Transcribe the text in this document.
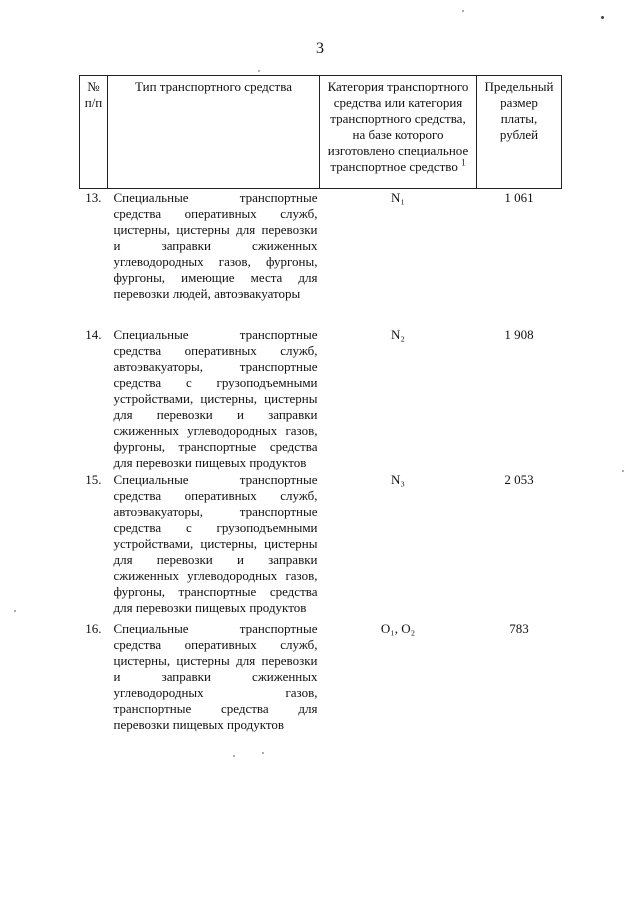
3
№ п/п	Тип транспортного средства	Категория транспортного средства или категория транспортного средства, на базе которого изготовлено специальное транспортное средство $^1$	Предельный размер платы, рублей
13.	Специальные транспортные средства оперативных служб, цистерны, цистерны для перевозки и заправки сжиженных углеводородных газов, фургоны, фургоны, имеющие места для перевозки людей, автоэвакуаторы	N₁	1 061
14.	Специальные транспортные средства оперативных служб, автоэвакуаторы, транспортные средства с грузоподъемными устройствами, цистерны, цистерны для перевозки и заправки сжиженных углеводородных газов, фургоны, транспортные средства для перевозки пищевых продуктов	N₂	1 908
15.	Специальные транспортные средства оперативных служб, автоэвакуаторы, транспортные средства с грузоподъемными устройствами, цистерны, цистерны для перевозки и заправки сжиженных углеводородных газов, фургоны, транспортные средства для перевозки пищевых продуктов	N₃	2 053
16.	Специальные транспортные средства оперативных служб, цистерны, цистерны для перевозки и заправки сжиженных углеводородных газов, транспортные средства для перевозки пищевых продуктов	O₁, O₂	783
